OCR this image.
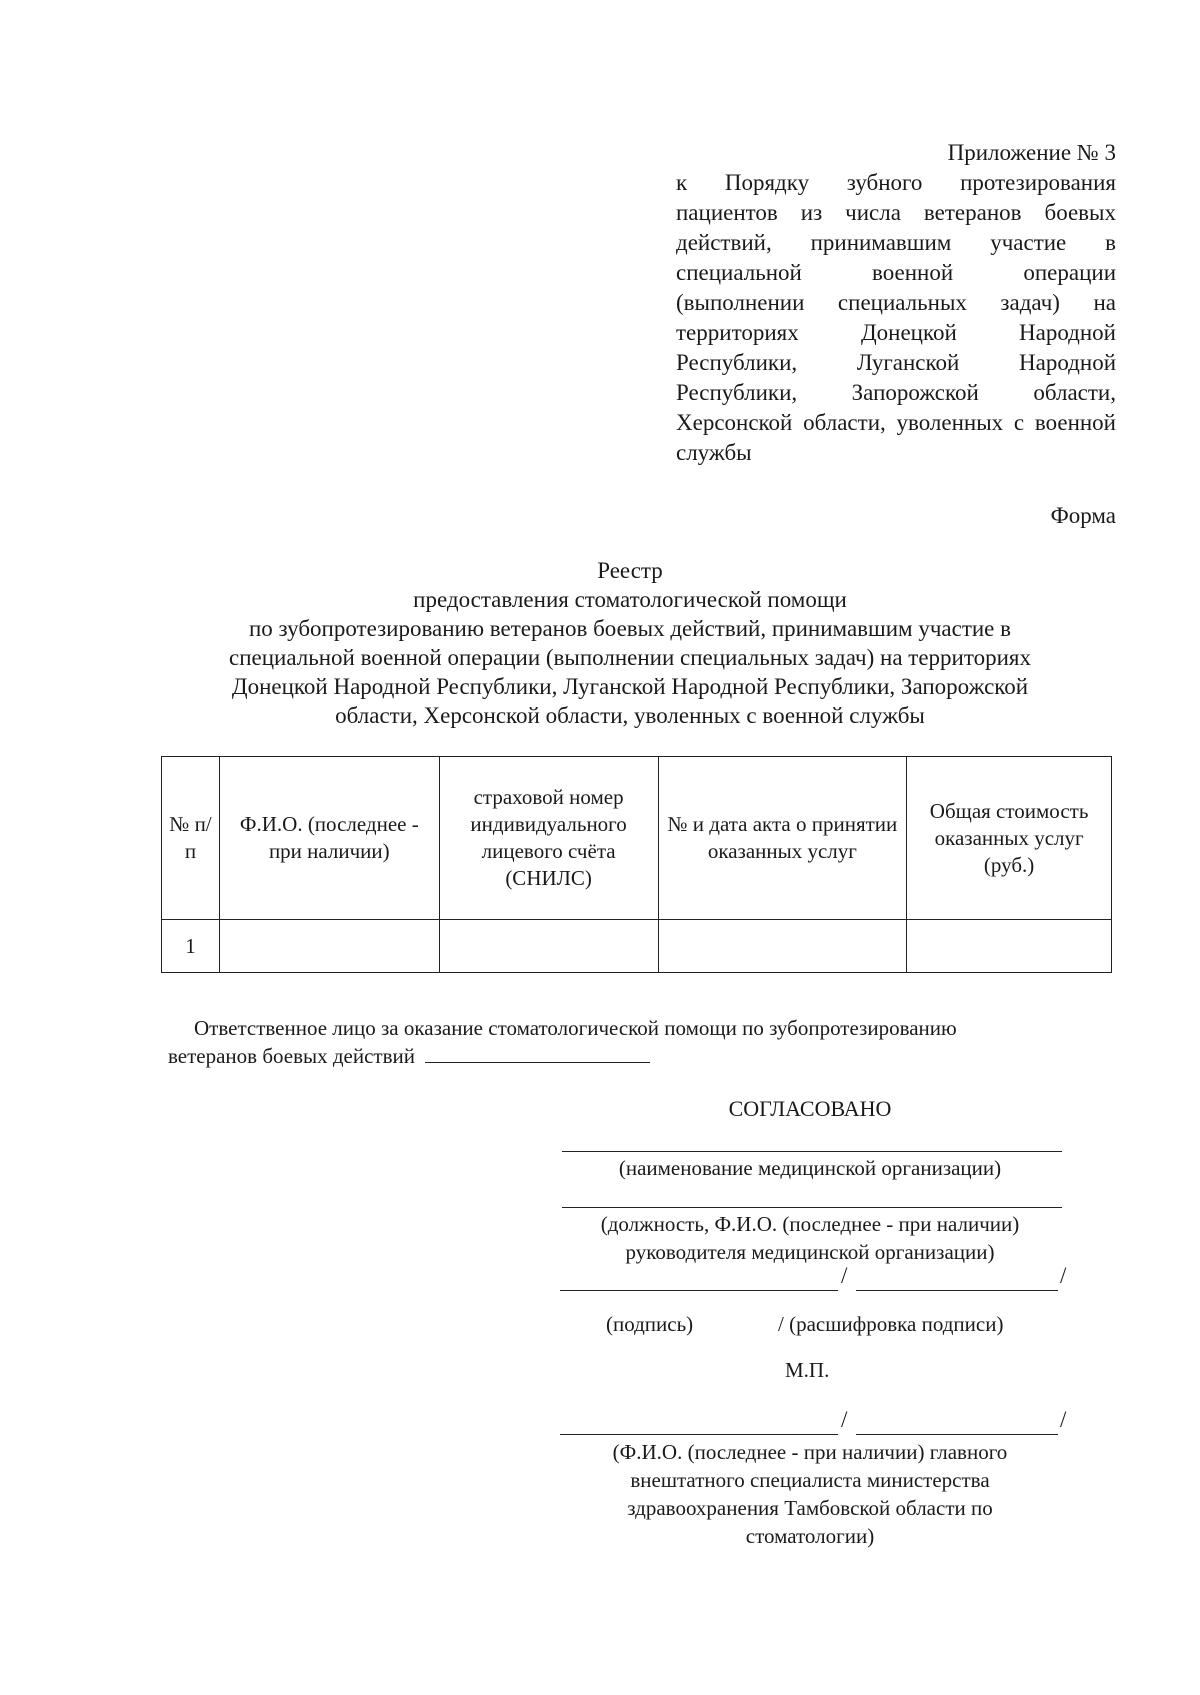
Приложение № 3
к Порядку зубного протезирования пациентов из числа ветеранов боевых действий, принимавшим участие в специальной военной операции (выполнении специальных задач) на территориях Донецкой Народной Республики, Луганской Народной Республики, Запорожской области, Херсонской области, уволенных с военной службы
Форма
Реестр
предоставления стоматологической помощи
по зубопротезированию ветеранов боевых действий, принимавшим участие в
специальной военной операции (выполнении специальных задач) на территориях
Донецкой Народной Республики, Луганской Народной Республики, Запорожской
области, Херсонской области, уволенных с военной службы
№ п/п	Ф.И.О. (последнее - при наличии)	страховой номер индивидуального лицевого счёта (СНИЛС)	№ и дата акта о принятии оказанных услуг	Общая стоимость оказанных услуг (руб.)
1				
Ответственное лицо за оказание стоматологической помощи по зубопротезированию
ветеранов боевых действий
СОГЛАСОВАНО
(наименование медицинской организации)
(должность, Ф.И.О. (последнее - при наличии)
руководителя медицинской организации)
/	/
(подпись)	/ (расшифровка подписи)
М.П.
/	/
(Ф.И.О. (последнее - при наличии) главного
внештатного специалиста министерства
здравоохранения Тамбовской области по
стоматологии)
